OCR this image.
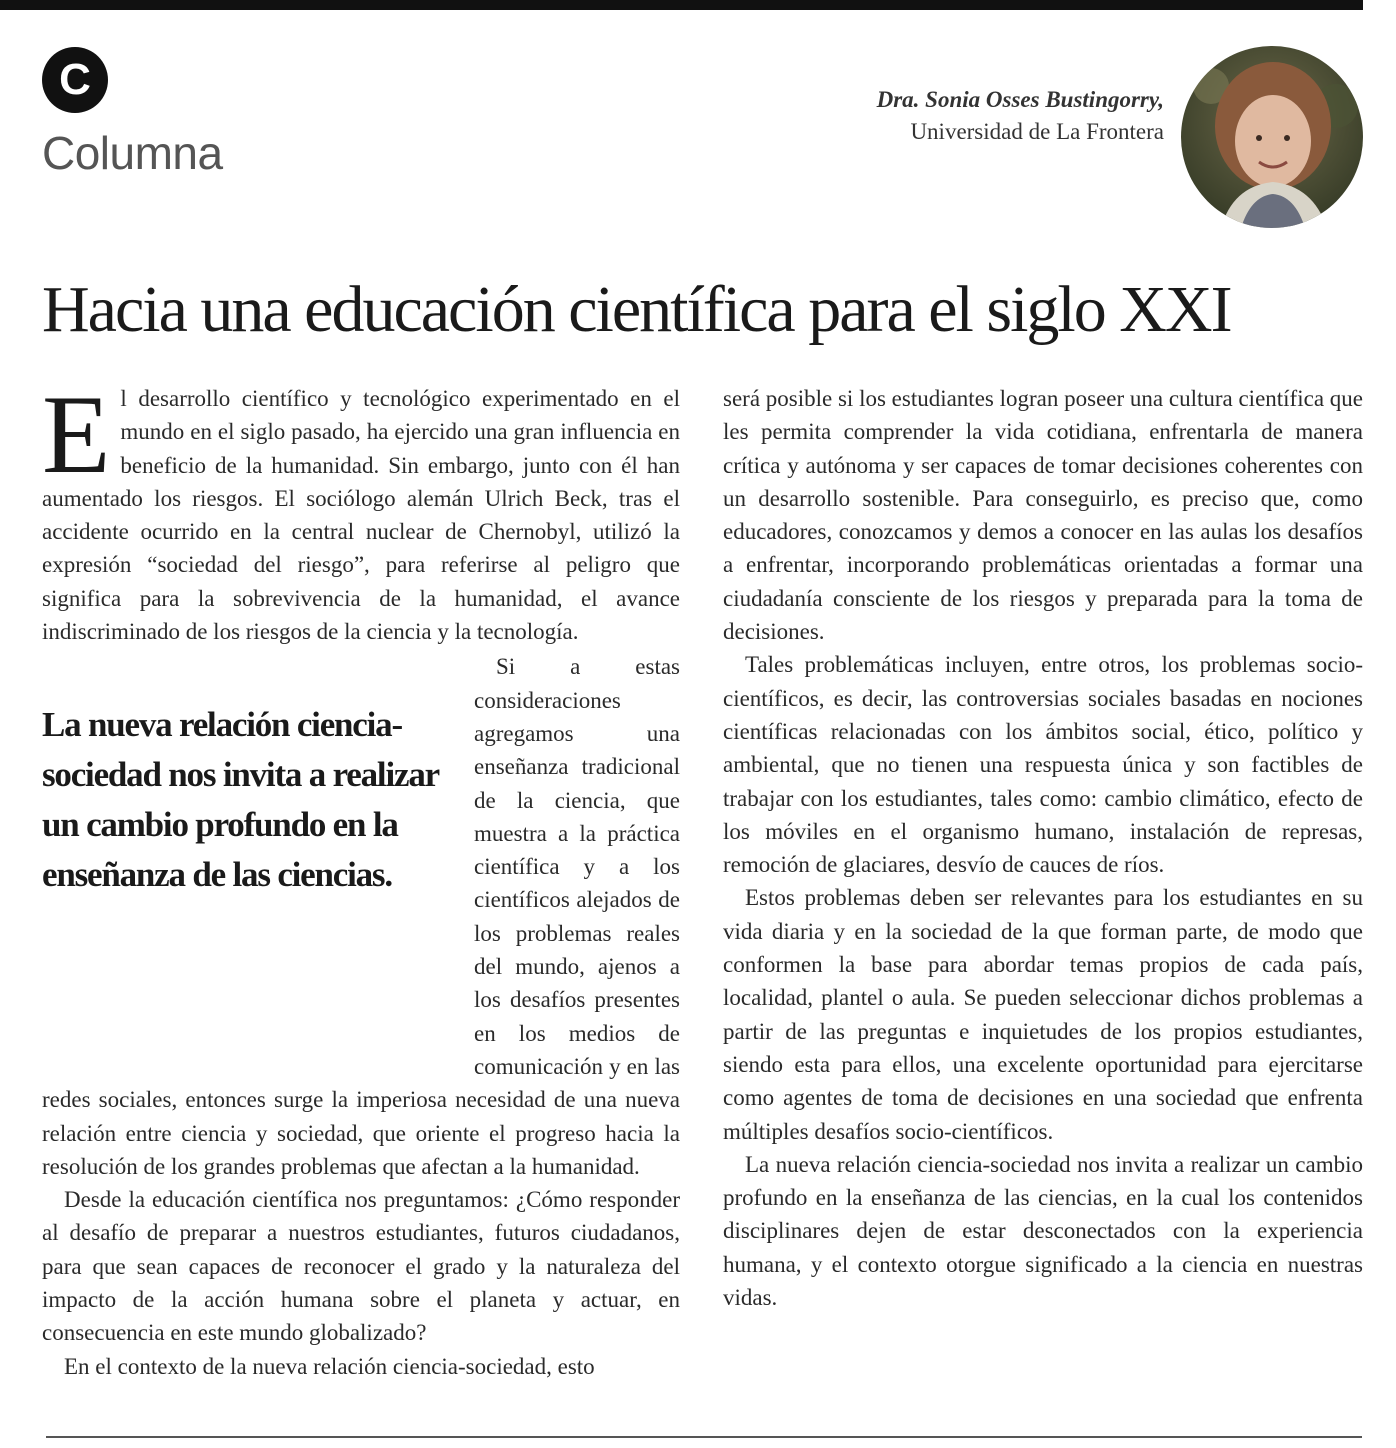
C
Columna
Dra. Sonia Osses Bustingorry,
Universidad de La Frontera
Hacia una educación científica para el siglo XXI

El desarrollo científico y tecnológico experimentado en el mundo en el siglo pasado, ha ejercido una gran influencia en beneficio de la humanidad. Sin embargo, junto con él han aumentado los riesgos. El sociólogo alemán Ulrich Beck, tras el accidente ocurrido en la central nuclear de Chernobyl, utilizó la expresión “sociedad del riesgo”, para referirse al peligro que significa para la sobrevivencia de la humanidad, el avance indiscriminado de los riesgos de la ciencia y la tecnología.

La nueva relación ciencia-sociedad nos invita a realizar un cambio profundo en la enseñanza de las ciencias.

Si a estas consideraciones agregamos una enseñanza tradicional de la ciencia, que muestra a la práctica científica y a los científicos alejados de los problemas reales del mundo, ajenos a los desafíos presentes en los medios de comunicación y en las redes sociales, entonces surge la imperiosa necesidad de una nueva relación entre ciencia y sociedad, que oriente el progreso hacia la resolución de los grandes problemas que afectan a la humanidad.

Desde la educación científica nos preguntamos: ¿Cómo responder al desafío de preparar a nuestros estudiantes, futuros ciudadanos, para que sean capaces de reconocer el grado y la naturaleza del impacto de la acción humana sobre el planeta y actuar, en consecuencia en este mundo globalizado?

En el contexto de la nueva relación ciencia-sociedad, esto

será posible si los estudiantes logran poseer una cultura científica que les permita comprender la vida cotidiana, enfrentarla de manera crítica y autónoma y ser capaces de tomar decisiones coherentes con un desarrollo sostenible. Para conseguirlo, es preciso que, como educadores, conozcamos y demos a conocer en las aulas los desafíos a enfrentar, incorporando problemáticas orientadas a formar una ciudadanía consciente de los riesgos y preparada para la toma de decisiones.

Tales problemáticas incluyen, entre otros, los problemas socio-científicos, es decir, las controversias sociales basadas en nociones científicas relacionadas con los ámbitos social, ético, político y ambiental, que no tienen una respuesta única y son factibles de trabajar con los estudiantes, tales como: cambio climático, efecto de los móviles en el organismo humano, instalación de represas, remoción de glaciares, desvío de cauces de ríos.

Estos problemas deben ser relevantes para los estudiantes en su vida diaria y en la sociedad de la que forman parte, de modo que conformen la base para abordar temas propios de cada país, localidad, plantel o aula. Se pueden seleccionar dichos problemas a partir de las preguntas e inquietudes de los propios estudiantes, siendo esta para ellos, una excelente oportunidad para ejercitarse como agentes de toma de decisiones en una sociedad que enfrenta múltiples desafíos socio-científicos.

La nueva relación ciencia-sociedad nos invita a realizar un cambio profundo en la enseñanza de las ciencias, en la cual los contenidos disciplinares dejen de estar desconectados con la experiencia humana, y el contexto otorgue significado a la ciencia en nuestras vidas.
